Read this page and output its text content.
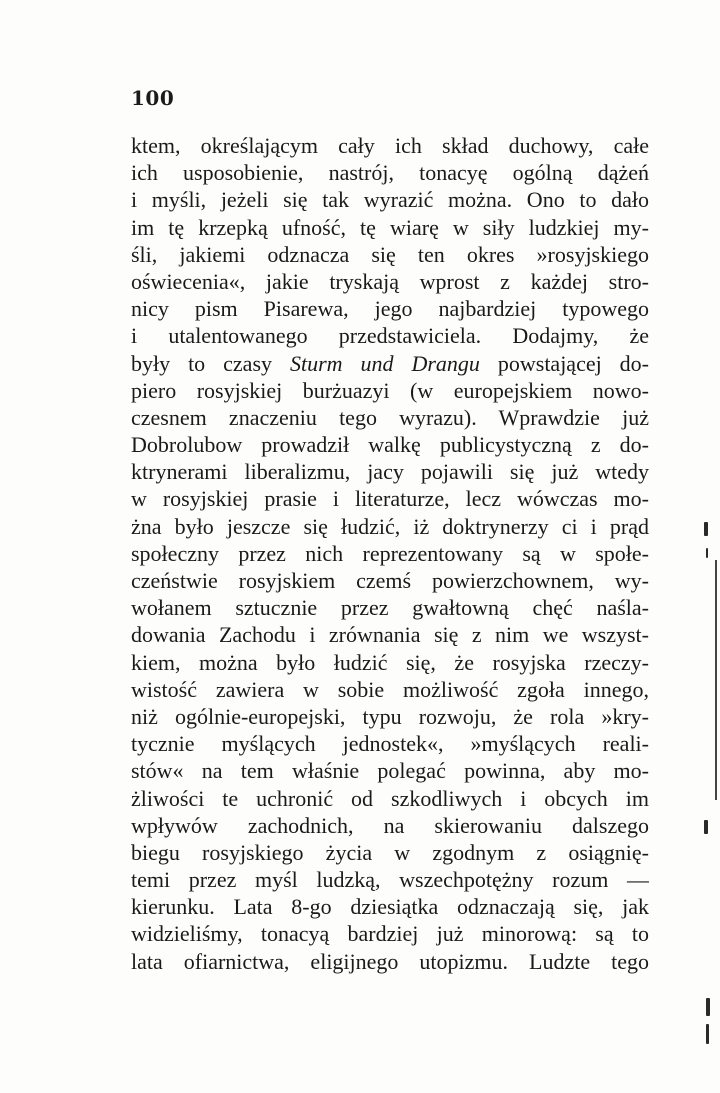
100
ktem, określającym cały ich skład duchowy, całe
ich usposobienie, nastrój, tonacyę ogólną dążeń
i myśli, jeżeli się tak wyrazić można. Ono to dało
im tę krzepką ufność, tę wiarę w siły ludzkiej my-
śli, jakiemi odznacza się ten okres »rosyjskiego
oświecenia«, jakie tryskają wprost z każdej stro-
nicy pism Pisarewa, jego najbardziej typowego
i utalentowanego przedstawiciela. Dodajmy, że
były to czasy Sturm und Drangu powstającej do-
piero rosyjskiej burżuazyi (w europejskiem nowo-
czesnem znaczeniu tego wyrazu). Wprawdzie już
Dobrolubow prowadził walkę publicystyczną z do-
ktrynerami liberalizmu, jacy pojawili się już wtedy
w rosyjskiej prasie i literaturze, lecz wówczas mo-
żna było jeszcze się łudzić, iż doktrynerzy ci i prąd
społeczny przez nich reprezentowany są w społe-
czeństwie rosyjskiem czemś powierzchownem, wy-
wołanem sztucznie przez gwałtowną chęć naśla-
dowania Zachodu i zrównania się z nim we wszyst-
kiem, można było łudzić się, że rosyjska rzeczy-
wistość zawiera w sobie możliwość zgoła innego,
niż ogólnie-europejski, typu rozwoju, że rola »kry-
tycznie myślących jednostek«, »myślących reali-
stów« na tem właśnie polegać powinna, aby mo-
żliwości te uchronić od szkodliwych i obcych im
wpływów zachodnich, na skierowaniu dalszego
biegu rosyjskiego życia w zgodnym z osiągnię-
temi przez myśl ludzką, wszechpotężny rozum —
kierunku. Lata 8-go dziesiątka odznaczają się, jak
widzieliśmy, tonacyą bardziej już minorową: są to
lata ofiarnictwa, eligijnego utopizmu. Ludzte tego
